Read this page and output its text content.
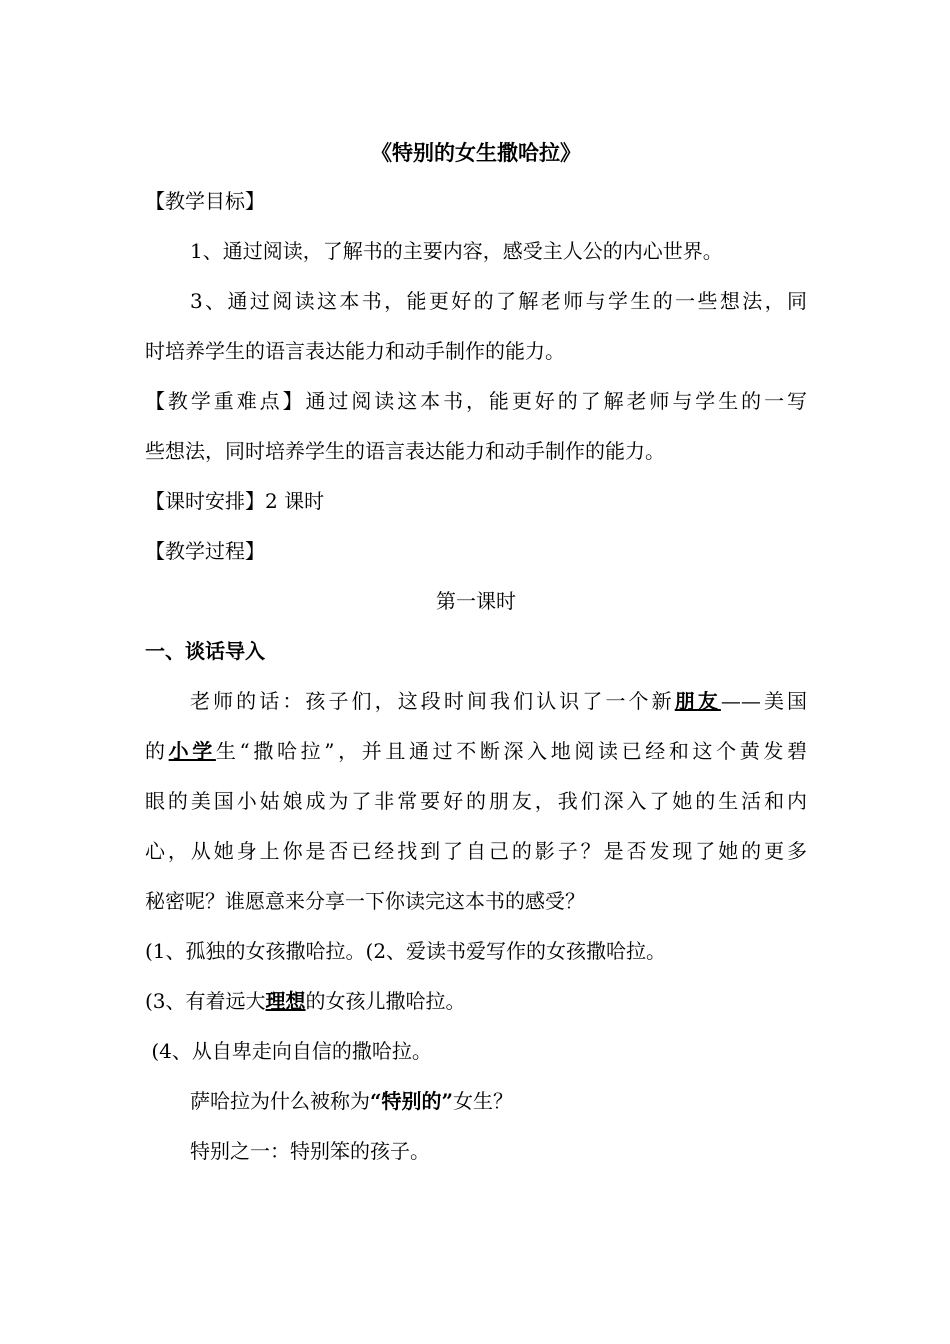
《特别的女生撒哈拉》
【教学目标】
1、通过阅读，了解书的主要内容，感受主人公的内心世界。
3、通过阅读这本书，能更好的了解老师与学生的一些想法，同
时培养学生的语言表达能力和动手制作的能力。
【教学重难点】通过阅读这本书，能更好的了解老师与学生的一写
些想法，同时培养学生的语言表达能力和动手制作的能力。
【课时安排】2 课时
【教学过程】
第一课时
一、谈话导入
老师的话：孩子们，这段时间我们认识了一个新朋友——美国
的小学生“撒哈拉”，并且通过不断深入地阅读已经和这个黄发碧
眼的美国小姑娘成为了非常要好的朋友，我们深入了她的生活和内
心，从她身上你是否已经找到了自己的影子？是否发现了她的更多
秘密呢？谁愿意来分享一下你读完这本书的感受？
(1、孤独的女孩撒哈拉。(2、爱读书爱写作的女孩撒哈拉。
(3、有着远大理想的女孩儿撒哈拉。
(4、从自卑走向自信的撒哈拉。
萨哈拉为什么被称为“特别的”女生？
特别之一：特别笨的孩子。
